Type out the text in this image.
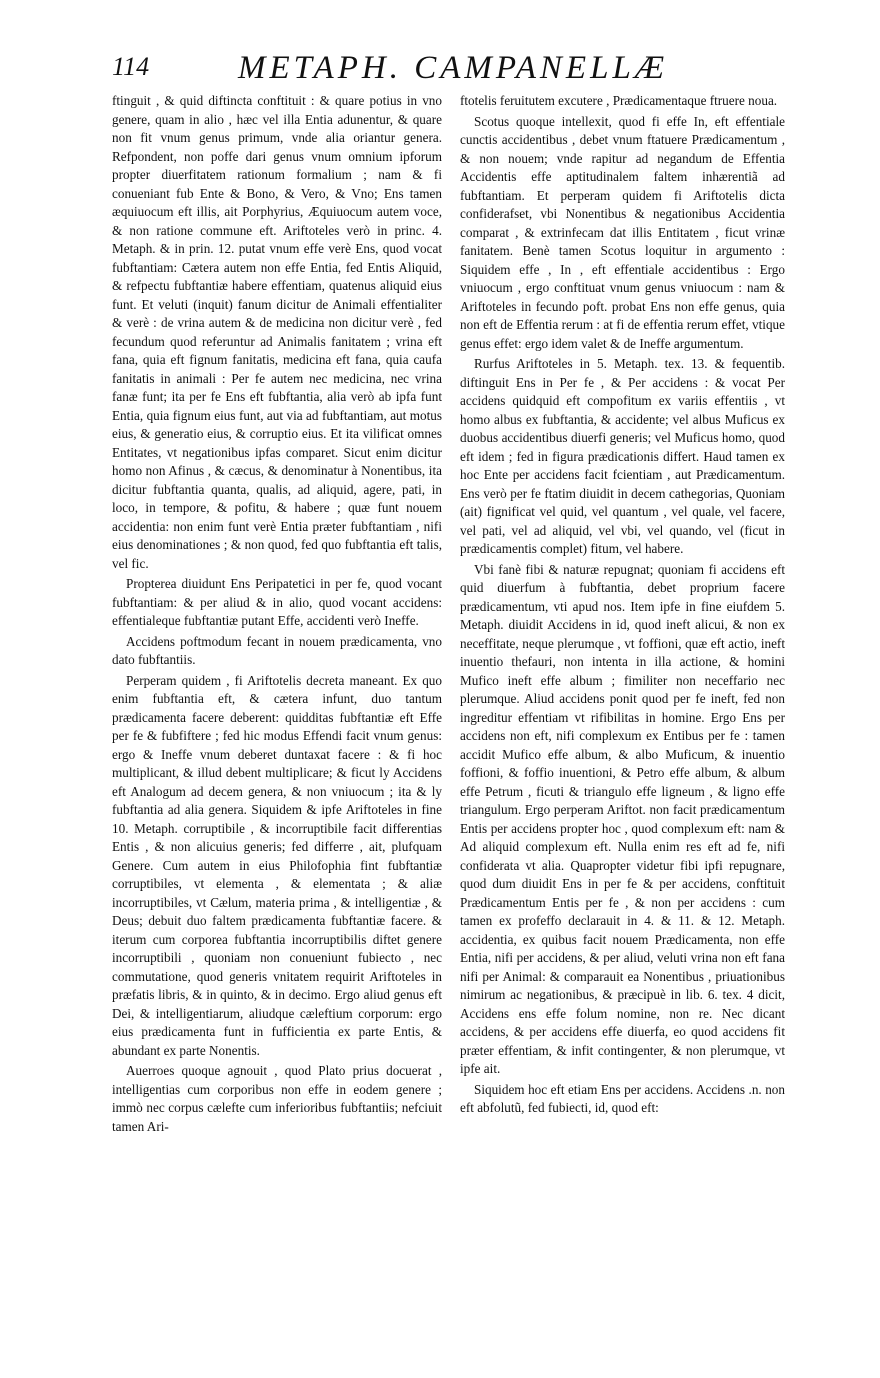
114	METAPH. CAMPANELLÆ

ftinguit , & quid diftincta conftituit : & quare potius in vno genere, quam in alio , hæc vel illa Entia adunentur, & quare non fit vnum genus primum, vnde alia oriantur genera. Refpondent, non poffe dari genus vnum omnium ipforum propter diuerfitatem rationum formalium ; nam & fi conueniant fub Ente & Bono, & Vero, & Vno; Ens tamen æquiuocum eft illis, ait Porphyrius, Æquiuocum autem voce, & non ratione commune eft. Ariftoteles verò in princ. 4. Metaph. & in prin. 12. putat vnum effe verè Ens, quod vocat fubftantiam: Cætera autem non effe Entia, fed Entis Aliquid, & refpectu fubftantiæ habere effentiam, quatenus aliquid eius funt. Et veluti (inquit) fanum dicitur de Animali effentialiter & verè : de vrina autem & de medicina non dicitur verè , fed fecundum quod referuntur ad Animalis fanitatem ; vrina eft fana, quia eft fignum fanitatis, medicina eft fana, quia caufa fanitatis in animali : Per fe autem nec medicina, nec vrina fanæ funt; ita per fe Ens eft fubftantia, alia verò ab ipfa funt Entia, quia fignum eius funt, aut via ad fubftantiam, aut motus eius, & generatio eius, & corruptio eius. Et ita vilificat omnes Entitates, vt negationibus ipfas comparet. Sicut enim dicitur homo non Afinus , & cæcus, & denominatur à Nonentibus, ita dicitur fubftantia quanta, qualis, ad aliquid, agere, pati, in loco, in tempore, & pofitu, & habere ; quæ funt nouem accidentia: non enim funt verè Entia præter fubftantiam , nifi eius denominationes ; & non quod, fed quo fubftantia eft talis, vel fic.

Propterea diuidunt Ens Peripatetici in per fe, quod vocant fubftantiam: & per aliud & in alio, quod vocant accidens: effentialeque fubftantiæ putant Effe, accidenti verò Ineffe.

Accidens poftmodum fecant in nouem prædicamenta, vno dato fubftantiis.

Perperam quidem , fi Ariftotelis decreta maneant. Ex quo enim fubftantia eft, & cætera infunt, duo tantum prædicamenta facere deberent: quidditas fubftantiæ eft Effe per fe & fubfiftere ; fed hic modus Effendi facit vnum genus: ergo & Ineffe vnum deberet duntaxat facere : & fi hoc multiplicant, & illud debent multiplicare; & ficut ly Accidens eft Analogum ad decem genera, & non vniuocum ; ita & ly fubftantia ad alia genera. Siquidem & ipfe Ariftoteles in fine 10. Metaph. corruptibile , & incorruptibile facit differentias Entis , & non alicuius generis; fed differre , ait, plufquam Genere. Cum autem in eius Philofophia fint fubftantiæ corruptibiles, vt elementa , & elementata ; & aliæ incorruptibiles, vt Cælum, materia prima , & intelligentiæ , & Deus; debuit duo faltem prædicamenta fubftantiæ facere. & iterum cum corporea fubftantia incorruptibilis diftet genere incorruptibili , quoniam non conueniunt fubiecto , nec commutatione, quod generis vnitatem requirit Ariftoteles in præfatis libris, & in quinto, & in decimo. Ergo aliud genus eft Dei, & intelligentiarum, aliudque cæleftium corporum: ergo eius prædicamenta funt in fufficientia ex parte Entis, & abundant ex parte Nonentis.

Auerroes quoque agnouit , quod Plato prius docuerat , intelligentias cum corporibus non effe in eodem genere ; immò nec corpus cælefte cum inferioribus fubftantiis; nefciuit tamen Ari-

ftotelis feruitutem excutere , Prædicamentaque ftruere noua.

Scotus quoque intellexit, quod fi effe In, eft effentiale cunctis accidentibus , debet vnum ftatuere Prædicamentum , & non nouem; vnde rapitur ad negandum de Effentia Accidentis effe aptitudinalem faltem inhærentiã ad fubftantiam. Et perperam quidem fi Ariftotelis dicta confiderafset, vbi Nonentibus & negationibus Accidentia comparat , & extrinfecam dat illis Entitatem , ficut vrinæ fanitatem. Benè tamen Scotus loquitur in argumento : Siquidem effe , In , eft effentiale accidentibus : Ergo vniuocum , ergo conftituat vnum genus vniuocum : nam & Ariftoteles in fecundo poft. probat Ens non effe genus, quia non eft de Effentia rerum : at fi de effentia rerum effet, vtique genus effet: ergo idem valet & de Ineffe argumentum.

Rurfus Ariftoteles in 5. Metaph. tex. 13. & fequentib. diftinguit Ens in Per fe , & Per accidens : & vocat Per accidens quidquid eft compofitum ex variis effentiis , vt homo albus ex fubftantia, & accidente; vel albus Muficus ex duobus accidentibus diuerfi generis; vel Muficus homo, quod eft idem ; fed in figura prædicationis differt. Haud tamen ex hoc Ente per accidens facit fcientiam , aut Prædicamentum. Ens verò per fe ftatim diuidit in decem cathegorias, Quoniam (ait) fignificat vel quid, vel quantum , vel quale, vel facere, vel pati, vel ad aliquid, vel vbi, vel quando, vel (ficut in prædicamentis complet) fitum, vel habere.

Vbi fanè fibi & naturæ repugnat; quoniam fi accidens eft quid diuerfum à fubftantia, debet proprium facere prædicamentum, vti apud nos. Item ipfe in fine eiufdem 5. Metaph. diuidit Accidens in id, quod ineft alicui, & non ex neceffitate, neque plerumque , vt foffioni, quæ eft actio, ineft inuentio thefauri, non intenta in illa actione, & homini Mufico ineft effe album ; fimiliter non neceffario nec plerumque. Aliud accidens ponit quod per fe ineft, fed non ingreditur effentiam vt rifibilitas in homine. Ergo Ens per accidens non eft, nifi complexum ex Entibus per fe : tamen accidit Mufico effe album, & albo Muficum, & inuentio foffioni, & foffio inuentioni, & Petro effe album, & album effe Petrum , ficuti & triangulo effe ligneum , & ligno effe triangulum. Ergo perperam Ariftot. non facit prædicamentum Entis per accidens propter hoc , quod complexum eft: nam & Ad aliquid complexum eft. Nulla enim res eft ad fe, nifi confiderata vt alia. Quapropter videtur fibi ipfi repugnare, quod dum diuidit Ens in per fe & per accidens, conftituit Prædicamentum Entis per fe , & non per accidens : cum tamen ex profeffo declarauit in 4. & 11. & 12. Metaph. accidentia, ex quibus facit nouem Prædicamenta, non effe Entia, nifi per accidens, & per aliud, veluti vrina non eft fana nifi per Animal: & comparauit ea Nonentibus , priuationibus nimirum ac negationibus, & præcipuè in lib. 6. tex. 4 dicit, Accidens ens effe folum nomine, non re. Nec dicant accidens, & per accidens effe diuerfa, eo quod accidens fit præter effentiam, & infit contingenter, & non plerumque, vt ipfe ait.

Siquidem hoc eft etiam Ens per accidens. Accidens .n. non eft abfolutũ, fed fubiecti, id, quod eft:
